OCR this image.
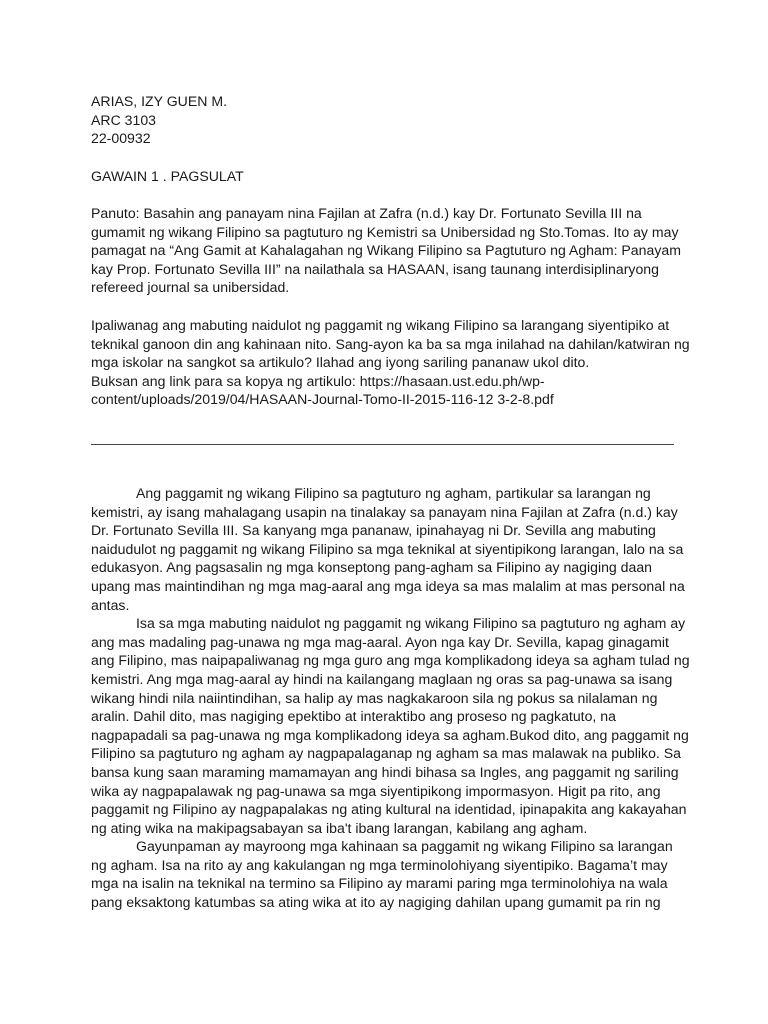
ARIAS, IZY GUEN M.
ARC 3103
22-00932
GAWAIN 1 . PAGSULAT
Panuto: Basahin ang panayam nina Fajilan at Zafra (n.d.) kay Dr. Fortunato Sevilla III na
gumamit ng wikang Filipino sa pagtuturo ng Kemistri sa Unibersidad ng Sto.Tomas. Ito ay may
pamagat na “Ang Gamit at Kahalagahan ng Wikang Filipino sa Pagtuturo ng Agham: Panayam
kay Prop. Fortunato Sevilla III” na nailathala sa HASAAN, isang taunang interdisiplinaryong
refereed journal sa unibersidad.
Ipaliwanag ang mabuting naidulot ng paggamit ng wikang Filipino sa larangang siyentipiko at
teknikal ganoon din ang kahinaan nito. Sang-ayon ka ba sa mga inilahad na dahilan/katwiran ng
mga iskolar na sangkot sa artikulo? Ilahad ang iyong sariling pananaw ukol dito.
Buksan ang link para sa kopya ng artikulo: https://hasaan.ust.edu.ph/wp-
content/uploads/2019/04/HASAAN-Journal-Tomo-II-2015-116-12 3-2-8.pdf
Ang paggamit ng wikang Filipino sa pagtuturo ng agham, partikular sa larangan ng
kemistri, ay isang mahalagang usapin na tinalakay sa panayam nina Fajilan at Zafra (n.d.) kay
Dr. Fortunato Sevilla III. Sa kanyang mga pananaw, ipinahayag ni Dr. Sevilla ang mabuting
naidudulot ng paggamit ng wikang Filipino sa mga teknikal at siyentipikong larangan, lalo na sa
edukasyon. Ang pagsasalin ng mga konseptong pang-agham sa Filipino ay nagiging daan
upang mas maintindihan ng mga mag-aaral ang mga ideya sa mas malalim at mas personal na
antas.
Isa sa mga mabuting naidulot ng paggamit ng wikang Filipino sa pagtuturo ng agham ay
ang mas madaling pag-unawa ng mga mag-aaral. Ayon nga kay Dr. Sevilla, kapag ginagamit
ang Filipino, mas naipapaliwanag ng mga guro ang mga komplikadong ideya sa agham tulad ng
kemistri. Ang mga mag-aaral ay hindi na kailangang maglaan ng oras sa pag-unawa sa isang
wikang hindi nila naiintindihan, sa halip ay mas nagkakaroon sila ng pokus sa nilalaman ng
aralin. Dahil dito, mas nagiging epektibo at interaktibo ang proseso ng pagkatuto, na
nagpapadali sa pag-unawa ng mga komplikadong ideya sa agham.Bukod dito, ang paggamit ng
Filipino sa pagtuturo ng agham ay nagpapalaganap ng agham sa mas malawak na publiko. Sa
bansa kung saan maraming mamamayan ang hindi bihasa sa Ingles, ang paggamit ng sariling
wika ay nagpapalawak ng pag-unawa sa mga siyentipikong impormasyon. Higit pa rito, ang
paggamit ng Filipino ay nagpapalakas ng ating kultural na identidad, ipinapakita ang kakayahan
ng ating wika na makipagsabayan sa iba't ibang larangan, kabilang ang agham.
Gayunpaman ay mayroong mga kahinaan sa paggamit ng wikang Filipino sa larangan
ng agham. Isa na rito ay ang kakulangan ng mga terminolohiyang siyentipiko. Bagama’t may
mga na isalin na teknikal na termino sa Filipino ay marami paring mga terminolohiya na wala
pang eksaktong katumbas sa ating wika at ito ay nagiging dahilan upang gumamit pa rin ng
